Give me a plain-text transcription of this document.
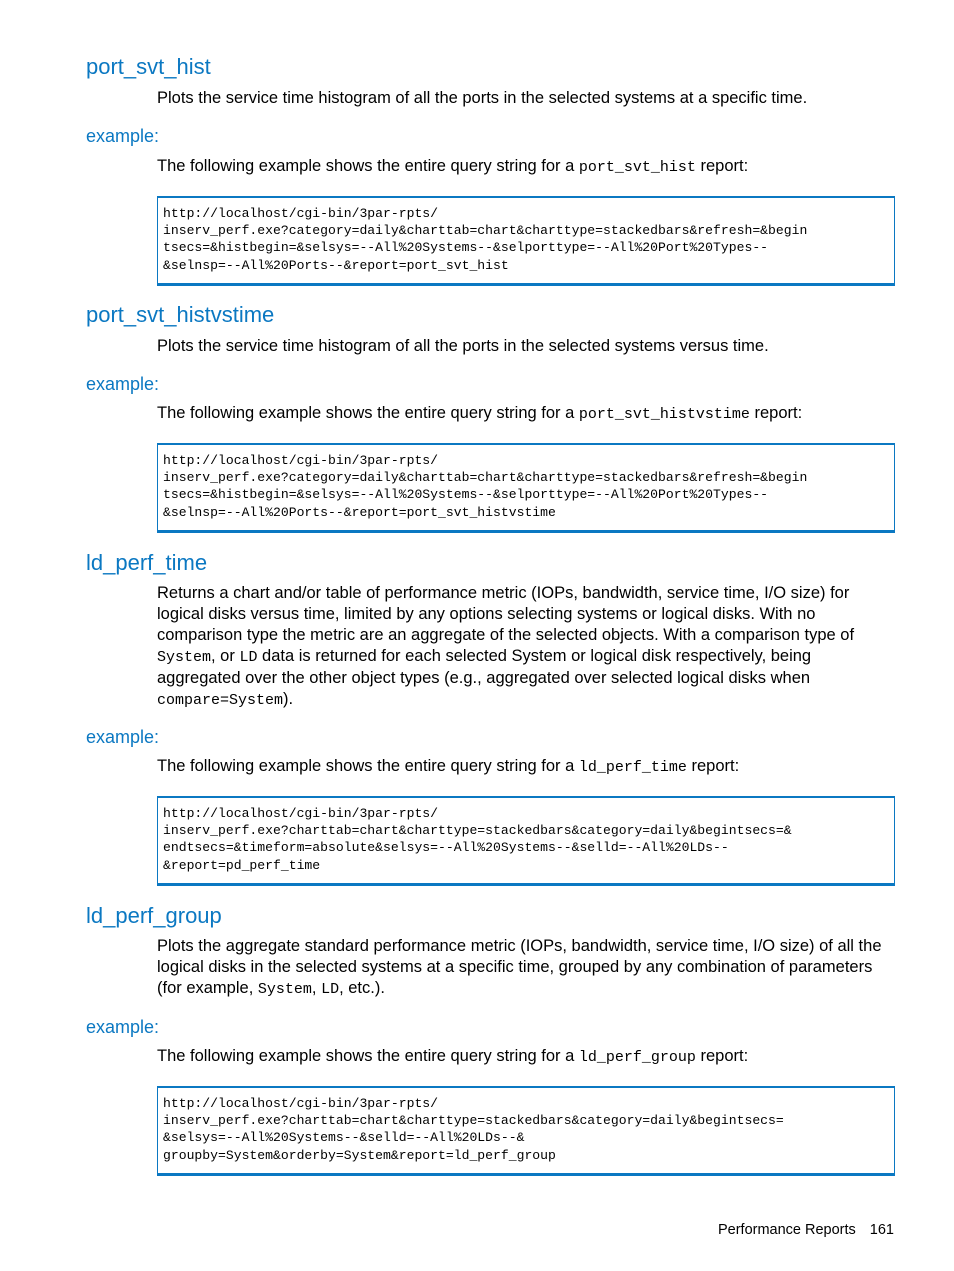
port_svt_hist

Plots the service time histogram of all the ports in the selected systems at a specific time.

example:

The following example shows the entire query string for a port_svt_hist report:

http://localhost/cgi-bin/3par-rpts/
inserv_perf.exe?category=daily&charttab=chart&charttype=stackedbars&refresh=&begin
tsecs=&histbegin=&selsys=--All%20Systems--&selporttype=--All%20Port%20Types--
&selnsp=--All%20Ports--&report=port_svt_hist
port_svt_histvstime

Plots the service time histogram of all the ports in the selected systems versus time.

example:

The following example shows the entire query string for a port_svt_histvstime report:

http://localhost/cgi-bin/3par-rpts/
inserv_perf.exe?category=daily&charttab=chart&charttype=stackedbars&refresh=&begin
tsecs=&histbegin=&selsys=--All%20Systems--&selporttype=--All%20Port%20Types--
&selnsp=--All%20Ports--&report=port_svt_histvstime
ld_perf_time

Returns a chart and/or table of performance metric (IOPs, bandwidth, service time, I/O size) for logical disks versus time, limited by any options selecting systems or logical disks. With no comparison type the metric are an aggregate of the selected objects. With a comparison type of System, or LD data is returned for each selected System or logical disk respectively, being aggregated over the other object types (e.g., aggregated over selected logical disks when compare=System).

example:

The following example shows the entire query string for a ld_perf_time report:

http://localhost/cgi-bin/3par-rpts/
inserv_perf.exe?charttab=chart&charttype=stackedbars&category=daily&begintsecs=&
endtsecs=&timeform=absolute&selsys=--All%20Systems--&selld=--All%20LDs--
&report=pd_perf_time
ld_perf_group

Plots the aggregate standard performance metric (IOPs, bandwidth, service time, I/O size) of all the logical disks in the selected systems at a specific time, grouped by any combination of parameters (for example, System, LD, etc.).

example:

The following example shows the entire query string for a ld_perf_group report:

http://localhost/cgi-bin/3par-rpts/
inserv_perf.exe?charttab=chart&charttype=stackedbars&category=daily&begintsecs=
&selsys=--All%20Systems--&selld=--All%20LDs--&
groupby=System&orderby=System&report=ld_perf_group
Performance Reports 161
